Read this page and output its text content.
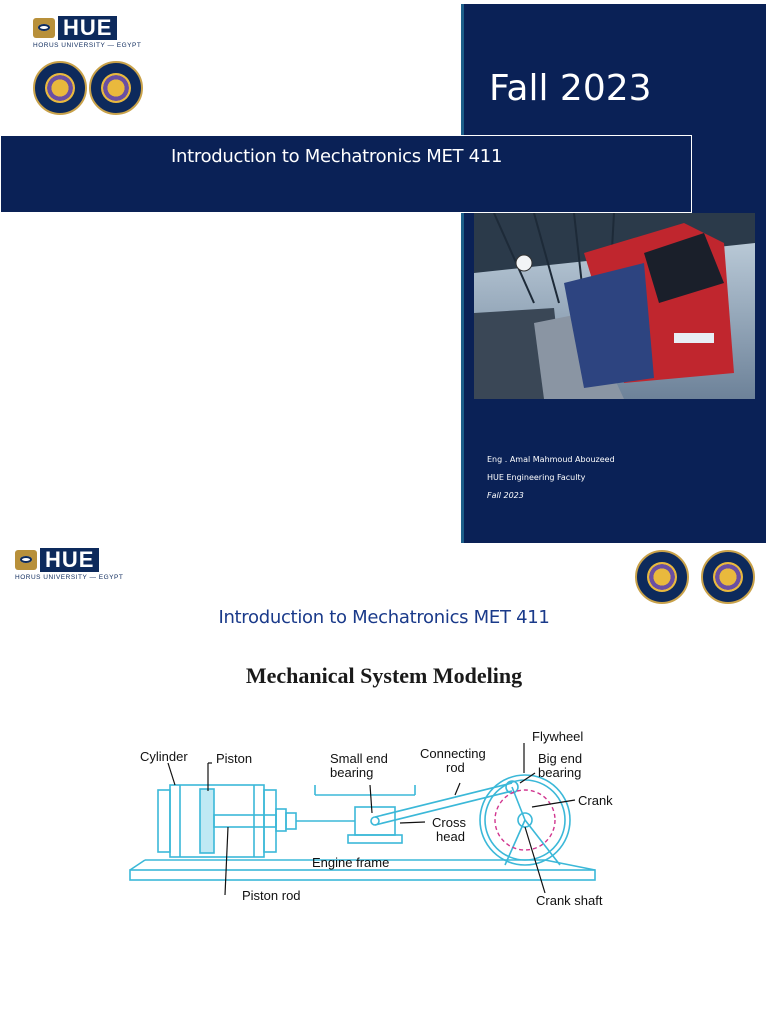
HUE
HORUS UNIVERSITY — EGYPT
Fall 2023
Introduction to Mechatronics MET 411
Eng . Amal Mahmoud Abouzeed
HUE Engineering Faculty
Fall 2023
HUE
HORUS UNIVERSITY — EGYPT
Introduction to Mechatronics MET 411
Mechanical System Modeling
Cylinder Piston	Small end
bearing
Connecting
rod
Flywheel
Big end
bearing
Crank
Cross
head
Engine frame
Piston rod	Crank shaft
